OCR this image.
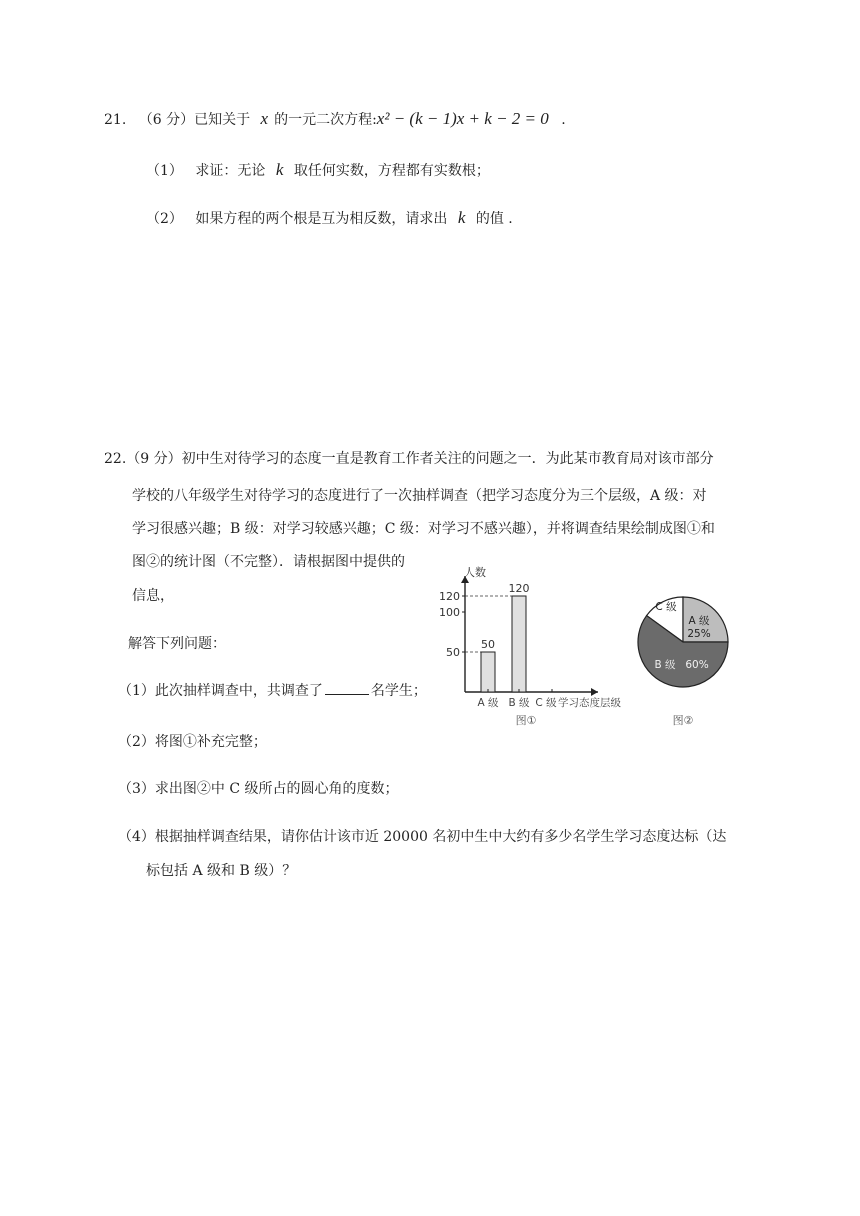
21. （6 分）已知关于 x 的一元二次方程:x² − (k − 1)x + k − 2 = 0 .
（1） 求证：无论 k 取任何实数，方程都有实数根；
（2） 如果方程的两个根是互为相反数，请求出 k 的值 .
22.（9 分）初中生对待学习的态度一直是教育工作者关注的问题之一．为此某市教育局对该市部分
学校的八年级学生对待学习的态度进行了一次抽样调查（把学习态度分为三个层级，A 级：对
学习很感兴趣；B 级：对学习较感兴趣；C 级：对学习不感兴趣），并将调查结果绘制成图①和
图②的统计图（不完整）．请根据图中提供的
信息，
解答下列问题：
（1）此次抽样调查中，共调查了	名学生；
（2）将图①补充完整；
（3）求出图②中 C 级所占的圆心角的度数；
（4）根据抽样调查结果，请你估计该市近 20000 名初中生中大约有多少名学生学习态度达标（达
标包括 A 级和 B 级）？
人数
50
100
120
50
120
A 级 B 级 C 级 学习态度层级
图①
C 级
A 级
25%
B 级 60%
图②
